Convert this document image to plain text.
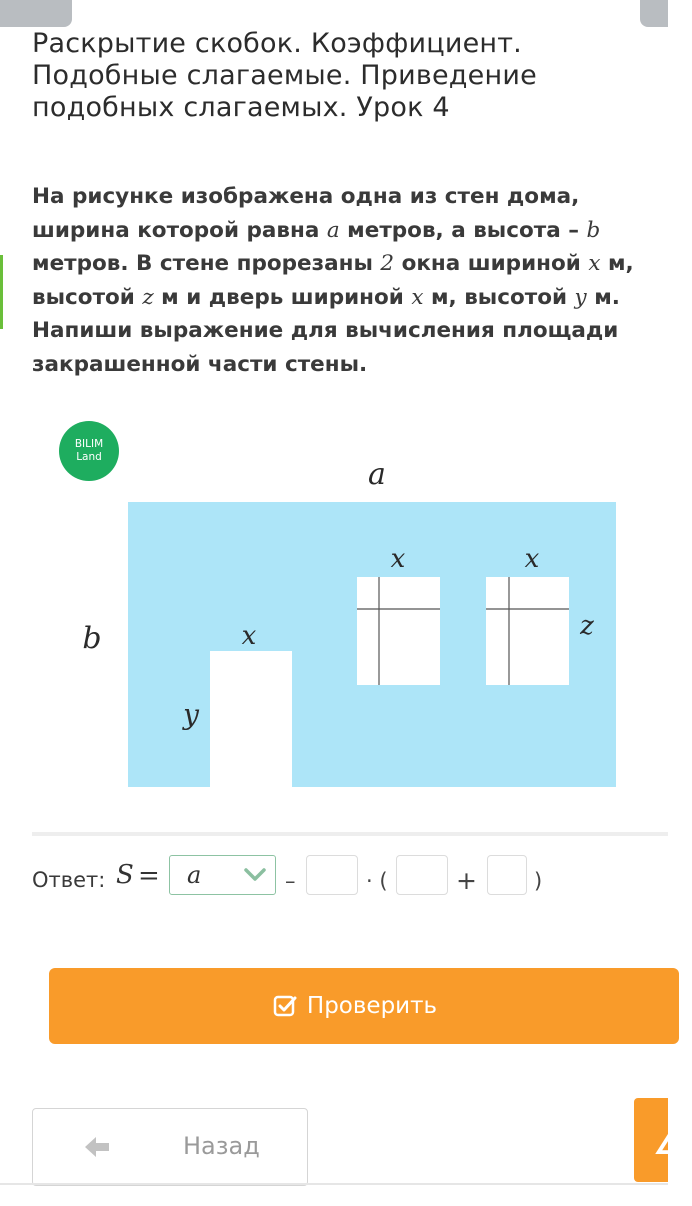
Раскрытие скобок. Коэффициент.
Подобные слагаемые. Приведение
подобных слагаемых. Урок 4

На рисунке изображена одна из стен дома,
ширина которой равна a метров, а высота – b
метров. В стене прорезаны 2 окна шириной x м,
высотой z м и дверь шириной x м, высотой y м.
Напиши выражение для вычисления площади
закрашенной части стены.

BILIM
Land	a
b	x
y
x	x
z
Ответ: S = a	–	· (	+	)
Проверить
Назад	∠
